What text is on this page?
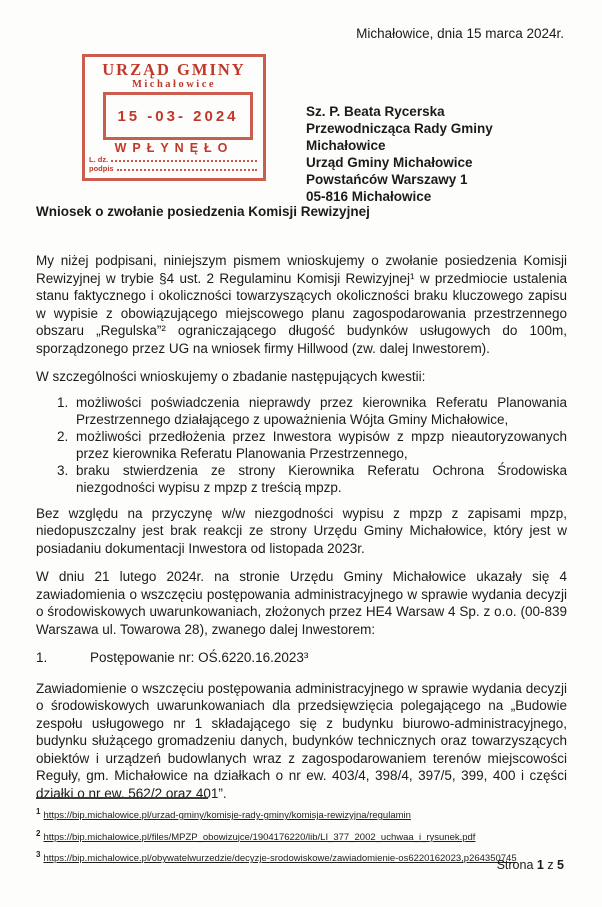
Michałowice, dnia 15 marca 2024r.
URZĄD GMINY
Michałowice
15 -03- 2024
WPŁYNĘŁO
L. dz.
podpis
Sz. P. Beata Rycerska
Przewodnicząca Rady Gminy
Michałowice
Urząd Gminy Michałowice
Powstańców Warszawy 1
05-816 Michałowice
Wniosek o zwołanie posiedzenia Komisji Rewizyjnej

My niżej podpisani, niniejszym pismem wnioskujemy o zwołanie posiedzenia Komisji Rewizyjnej w trybie §4 ust. 2 Regulaminu Komisji Rewizyjnej¹ w przedmiocie ustalenia stanu faktycznego i okoliczności towarzyszących okoliczności braku kluczowego zapisu w wypisie z obowiązującego miejscowego planu zagospodarowania przestrzennego obszaru „Regulska”² ograniczającego długość budynków usługowych do 100m, sporządzonego przez UG na wniosek firmy Hillwood (zw. dalej Inwestorem).

W szczególności wnioskujemy o zbadanie następujących kwestii:

1. możliwości poświadczenia nieprawdy przez kierownika Referatu Planowania Przestrzennego działającego z upoważnienia Wójta Gminy Michałowice,
2. możliwości przedłożenia przez Inwestora wypisów z mpzp nieautoryzowanych przez kierownika Referatu Planowania Przestrzennego,
3. braku stwierdzenia ze strony Kierownika Referatu Ochrona Środowiska niezgodności wypisu z mpzp z treścią mpzp.

Bez względu na przyczynę w/w niezgodności wypisu z mpzp z zapisami mpzp, niedopuszczalny jest brak reakcji ze strony Urzędu Gminy Michałowice, który jest w posiadaniu dokumentacji Inwestora od listopada 2023r.

W dniu 21 lutego 2024r. na stronie Urzędu Gminy Michałowice ukazały się 4 zawiadomienia o wszczęciu postępowania administracyjnego w sprawie wydania decyzji o środowiskowych uwarunkowaniach, złożonych przez HE4 Warsaw 4 Sp. z o.o. (00-839 Warszawa ul. Towarowa 28), zwanego dalej Inwestorem:

1.	Postępowanie nr: OŚ.6220.16.2023³

Zawiadomienie o wszczęciu postępowania administracyjnego w sprawie wydania decyzji o środowiskowych uwarunkowaniach dla przedsięwzięcia polegającego na „Budowie zespołu usługowego nr 1 składającego się z budynku biurowo-administracyjnego, budynku służącego gromadzeniu danych, budynków technicznych oraz towarzyszących obiektów i urządzeń budowlanych wraz z zagospodarowaniem terenów miejscowości Reguły, gm. Michałowice na działkach o nr ew. 403/4, 398/4, 397/5, 399, 400 i części działki o nr ew. 562/2 oraz 401”.

$^1$ https://bip.michalowice.pl/urzad-gminy/komisje-rady-gminy/komisja-rewizyjna/regulamin
$^2$ https://bip.michalowice.pl/files/MPZP_obowizujce/1904176220/lib/LI_377_2002_uchwaa_i_rysunek.pdf
$^3$ https://bip.michalowice.pl/obywatelwurzedzie/decyzje-srodowiskowe/zawiadomienie-os6220162023,p264350745
Strona 1 z 5
